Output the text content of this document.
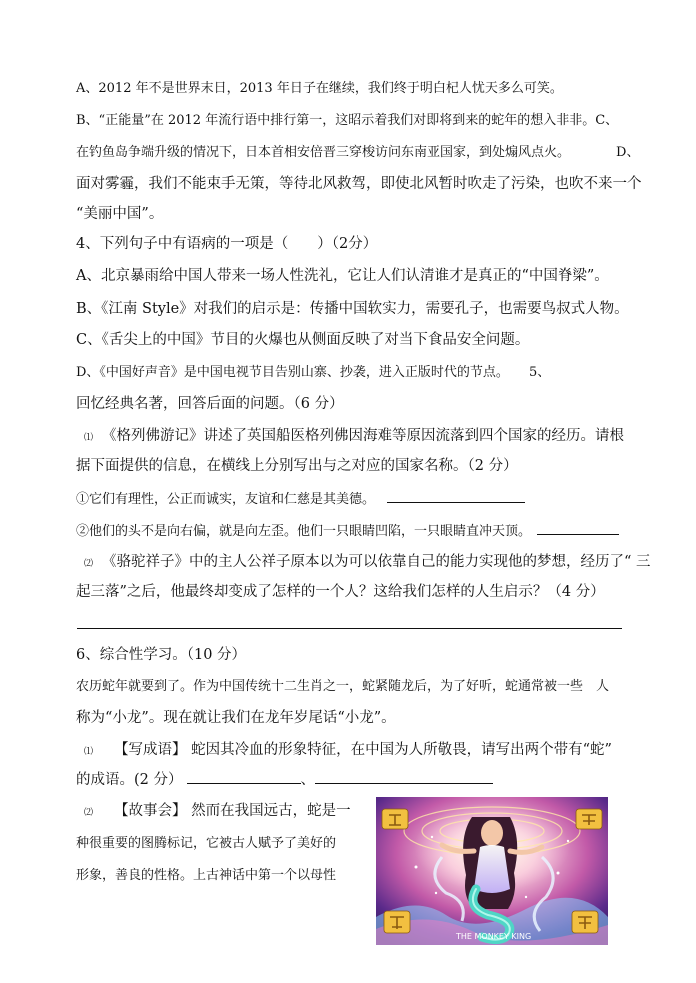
A、2012 年不是世界末日，2013 年日子在继续，我们终于明白杞人忧天多么可笑。
B、“正能量”在 2012 年流行语中排行第一，这昭示着我们对即将到来的蛇年的想入非非。C、
在钓鱼岛争端升级的情况下，日本首相安倍晋三穿梭访问东南亚国家，到处煽风点火。	D、
面对雾霾，我们不能束手无策，等待北风救驾，即使北风暂时吹走了污染，也吹不来一个
“美丽中国”。
4、下列句子中有语病的一项是（　　）（2分）
A、北京暴雨给中国人带来一场人性洗礼，它让人们认清谁才是真正的“中国脊梁”。
B、《江南 Style》对我们的启示是：传播中国软实力，需要孔子，也需要鸟叔式人物。
C、《舌尖上的中国》节目的火爆也从侧面反映了对当下食品安全问题。
D、《中国好声音》是中国电视节目告别山寨、抄袭，进入正版时代的节点。 5、
回忆经典名著，回答后面的问题。（6 分）
⑴ 《格列佛游记》讲述了英国船医格列佛因海难等原因流落到四个国家的经历。请根
据下面提供的信息，在横线上分别写出与之对应的国家名称。（2 分）
①它们有理性，公正而诚实，友谊和仁慈是其美德。
②他们的头不是向右偏，就是向左歪。他们一只眼睛凹陷，一只眼睛直冲天顶。
⑵ 《骆驼祥子》中的主人公祥子原本以为可以依靠自己的能力实现他的梦想，经历了“ 三
起三落”之后，他最终却变成了怎样的一个人？这给我们怎样的人生启示？（4 分）
6、综合性学习。（10 分）
农历蛇年就要到了。作为中国传统十二生肖之一，蛇紧随龙后，为了好听，蛇通常被一些　人
称为“小龙”。现在就让我们在龙年岁尾话“小龙”。
⑴ 【写成语】 蛇因其冷血的形象特征，在中国为人所敬畏，请写出两个带有“蛇”
的成语。(2 分）	、
⑵ 【故事会】 然而在我国远古，蛇是一
种很重要的图腾标记，它被古人赋予了美好的
形象，善良的性格。上古神话中第一个以母性
THE MONKEY KING
